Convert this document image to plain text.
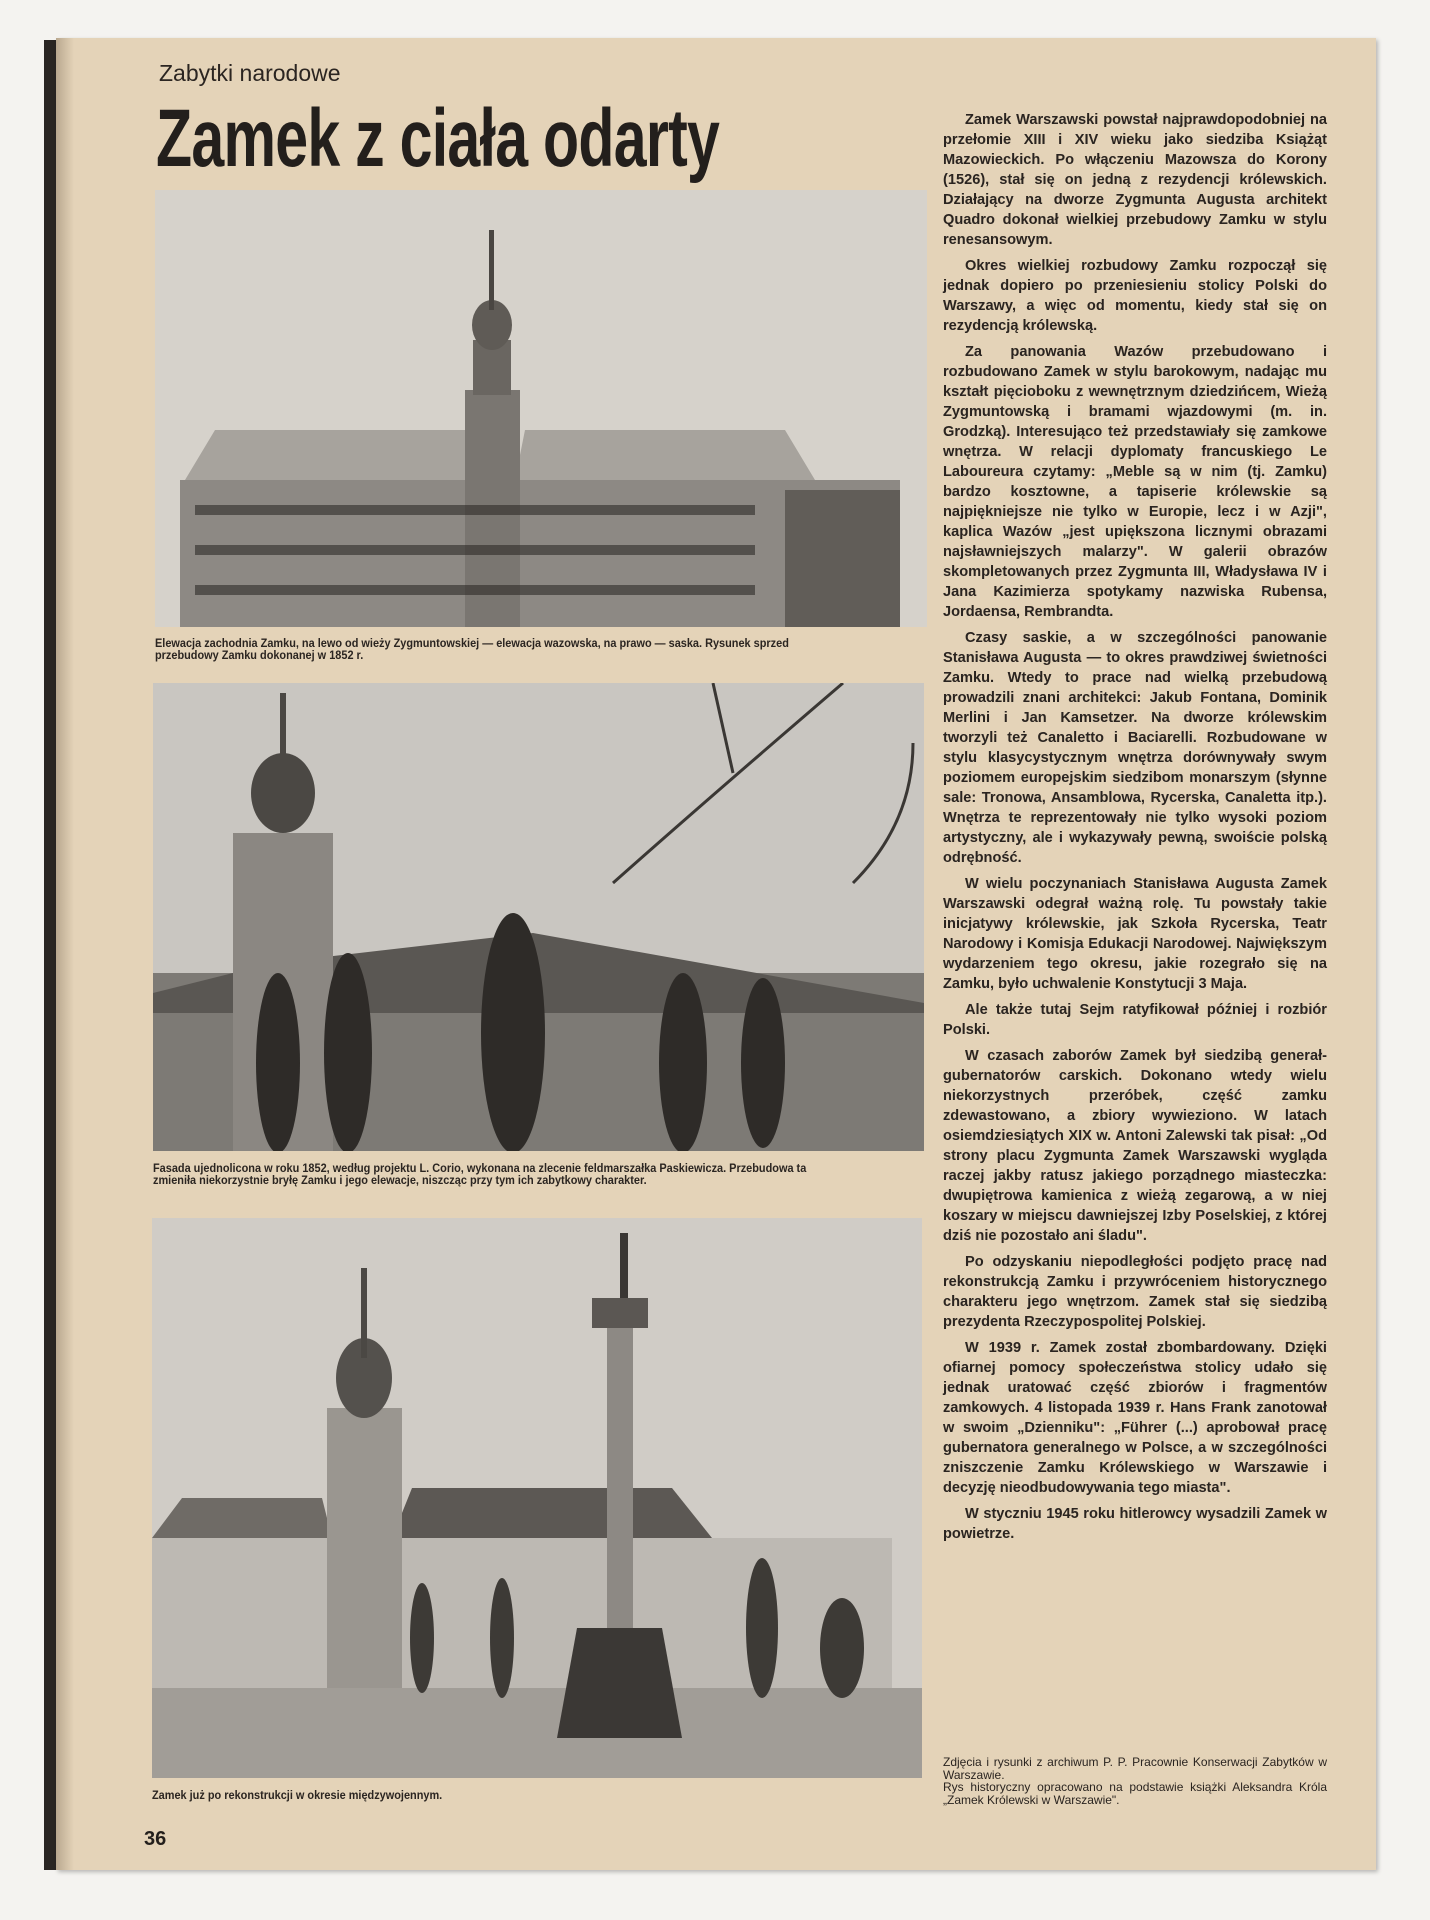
Zabytki narodowe
Zamek z ciała odarty
Elewacja zachodnia Zamku, na lewo od wieży Zygmuntowskiej — elewacja wazowska, na prawo — saska. Rysunek sprzed przebudowy Zamku dokonanej w 1852 r.
Fasada ujednolicona w roku 1852, według projektu L. Corio, wykonana na zlecenie feldmarszałka Paskiewicza. Przebudowa ta zmieniła niekorzystnie bryłę Zamku i jego elewacje, niszcząc przy tym ich zabytkowy charakter.
Zamek już po rekonstrukcji w okresie międzywojennym.

Zamek Warszawski powstał najprawdopodobniej na przełomie XIII i XIV wieku jako siedziba Książąt Mazowieckich. Po włączeniu Mazowsza do Korony (1526), stał się on jedną z rezydencji królewskich. Działający na dworze Zygmunta Augusta architekt Quadro dokonał wielkiej przebudowy Zamku w stylu renesansowym.

Okres wielkiej rozbudowy Zamku rozpoczął się jednak dopiero po przeniesieniu stolicy Polski do Warszawy, a więc od momentu, kiedy stał się on rezydencją królewską.

Za panowania Wazów przebudowano i rozbudowano Zamek w stylu barokowym, nadając mu kształt pięcioboku z wewnętrznym dziedzińcem, Wieżą Zygmuntowską i bramami wjazdowymi (m. in. Grodzką). Interesująco też przedstawiały się zamkowe wnętrza. W relacji dyplomaty francuskiego Le Laboureura czytamy: „Meble są w nim (tj. Zamku) bardzo kosztowne, a tapiserie królewskie są najpiękniejsze nie tylko w Europie, lecz i w Azji", kaplica Wazów „jest upiększona licznymi obrazami najsławniejszych malarzy". W galerii obrazów skompletowanych przez Zygmunta III, Władysława IV i Jana Kazimierza spotykamy nazwiska Rubensa, Jordaensa, Rembrandta.

Czasy saskie, a w szczególności panowanie Stanisława Augusta — to okres prawdziwej świetności Zamku. Wtedy to prace nad wielką przebudową prowadzili znani architekci: Jakub Fontana, Dominik Merlini i Jan Kamsetzer. Na dworze królewskim tworzyli też Canaletto i Baciarelli. Rozbudowane w stylu klasycystycznym wnętrza dorównywały swym poziomem europejskim siedzibom monarszym (słynne sale: Tronowa, Ansamblowa, Rycerska, Canaletta itp.). Wnętrza te reprezentowały nie tylko wysoki poziom artystyczny, ale i wykazywały pewną, swoiście polską odrębność.

W wielu poczynaniach Stanisława Augusta Zamek Warszawski odegrał ważną rolę. Tu powstały takie inicjatywy królewskie, jak Szkoła Rycerska, Teatr Narodowy i Komisja Edukacji Narodowej. Największym wydarzeniem tego okresu, jakie rozegrało się na Zamku, było uchwalenie Konstytucji 3 Maja.

Ale także tutaj Sejm ratyfikował później i rozbiór Polski.

W czasach zaborów Zamek był siedzibą generał-gubernatorów carskich. Dokonano wtedy wielu niekorzystnych przeróbek, część zamku zdewastowano, a zbiory wywieziono. W latach osiemdziesiątych XIX w. Antoni Zalewski tak pisał: „Od strony placu Zygmunta Zamek Warszawski wygląda raczej jakby ratusz jakiego porządnego miasteczka: dwupiętrowa kamienica z wieżą zegarową, a w niej koszary w miejscu dawniejszej Izby Poselskiej, z której dziś nie pozostało ani śladu".

Po odzyskaniu niepodległości podjęto pracę nad rekonstrukcją Zamku i przywróceniem historycznego charakteru jego wnętrzom. Zamek stał się siedzibą prezydenta Rzeczypospolitej Polskiej.

W 1939 r. Zamek został zbombardowany. Dzięki ofiarnej pomocy społeczeństwa stolicy udało się jednak uratować część zbiorów i fragmentów zamkowych. 4 listopada 1939 r. Hans Frank zanotował w swoim „Dzienniku": „Führer (...) aprobował pracę gubernatora generalnego w Polsce, a w szczególności zniszczenie Zamku Królewskiego w Warszawie i decyzję nieodbudowywania tego miasta".

W styczniu 1945 roku hitlerowcy wysadzili Zamek w powietrze.

Zdjęcia i rysunki z archiwum P. P. Pracownie Konserwacji Zabytków w Warszawie.

Rys historyczny opracowano na podstawie książki Aleksandra Króla „Zamek Królewski w Warszawie".

36
